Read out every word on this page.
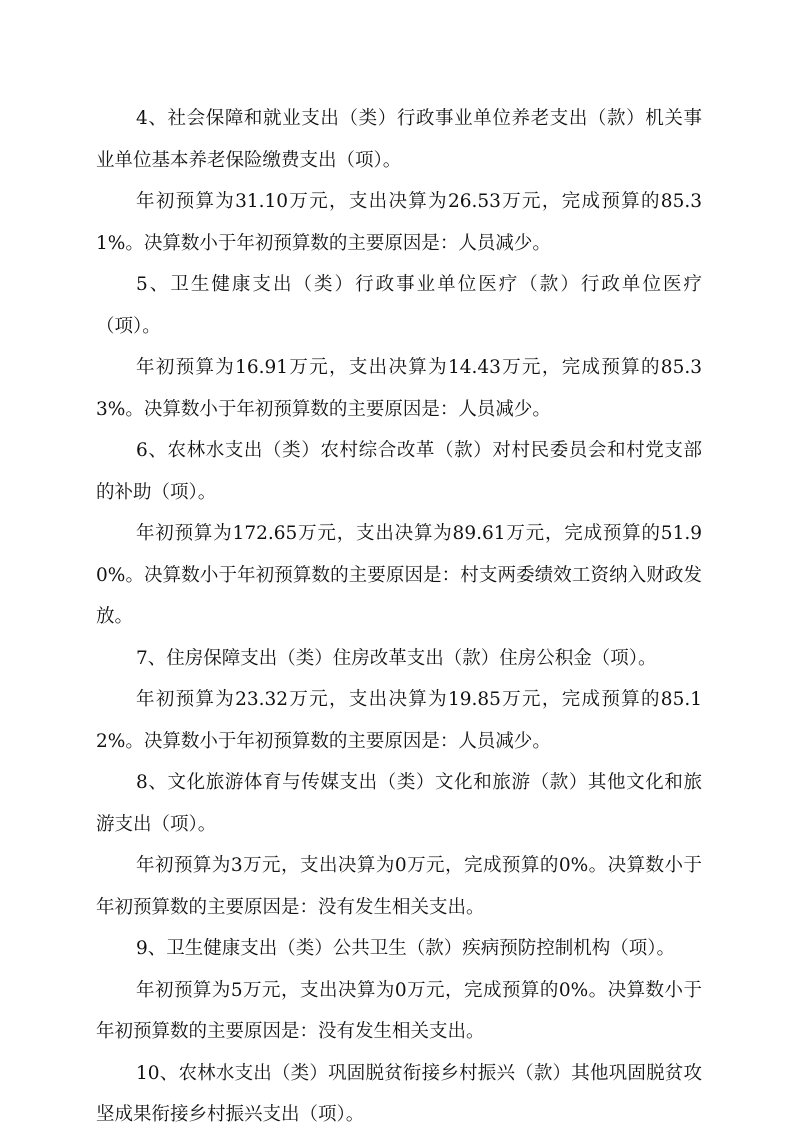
4、社会保障和就业支出（类）行政事业单位养老支出（款）机关事业单位基本养老保险缴费支出（项）。

年初预算为31.10万元，支出决算为26.53万元，完成预算的85.31%。决算数小于年初预算数的主要原因是：人员减少。

5、卫生健康支出（类）行政事业单位医疗（款）行政单位医疗（项）。

年初预算为16.91万元，支出决算为14.43万元，完成预算的85.33%。决算数小于年初预算数的主要原因是：人员减少。

6、农林水支出（类）农村综合改革（款）对村民委员会和村党支部的补助（项）。

年初预算为172.65万元，支出决算为89.61万元，完成预算的51.90%。决算数小于年初预算数的主要原因是：村支两委绩效工资纳入财政发放。

7、住房保障支出（类）住房改革支出（款）住房公积金（项）。

年初预算为23.32万元，支出决算为19.85万元，完成预算的85.12%。决算数小于年初预算数的主要原因是：人员减少。

8、文化旅游体育与传媒支出（类）文化和旅游（款）其他文化和旅游支出（项）。

年初预算为3万元，支出决算为0万元，完成预算的0%。决算数小于年初预算数的主要原因是：没有发生相关支出。

9、卫生健康支出（类）公共卫生（款）疾病预防控制机构（项）。

年初预算为5万元，支出决算为0万元，完成预算的0%。决算数小于年初预算数的主要原因是：没有发生相关支出。

10、农林水支出（类）巩固脱贫衔接乡村振兴（款）其他巩固脱贫攻坚成果衔接乡村振兴支出（项）。
